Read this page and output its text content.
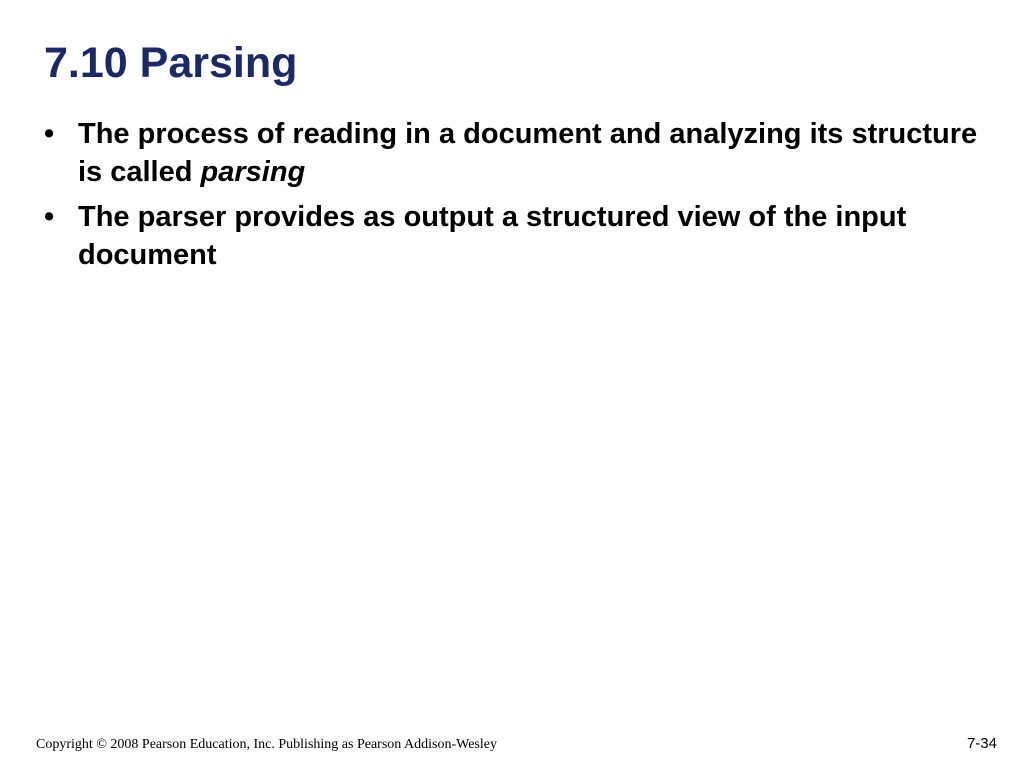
7.10 Parsing
• The process of reading in a document and analyzing its structure is called parsing
• The parser provides as output a structured view of the input document
Copyright © 2008 Pearson Education, Inc. Publishing as Pearson Addison-Wesley	7-34
